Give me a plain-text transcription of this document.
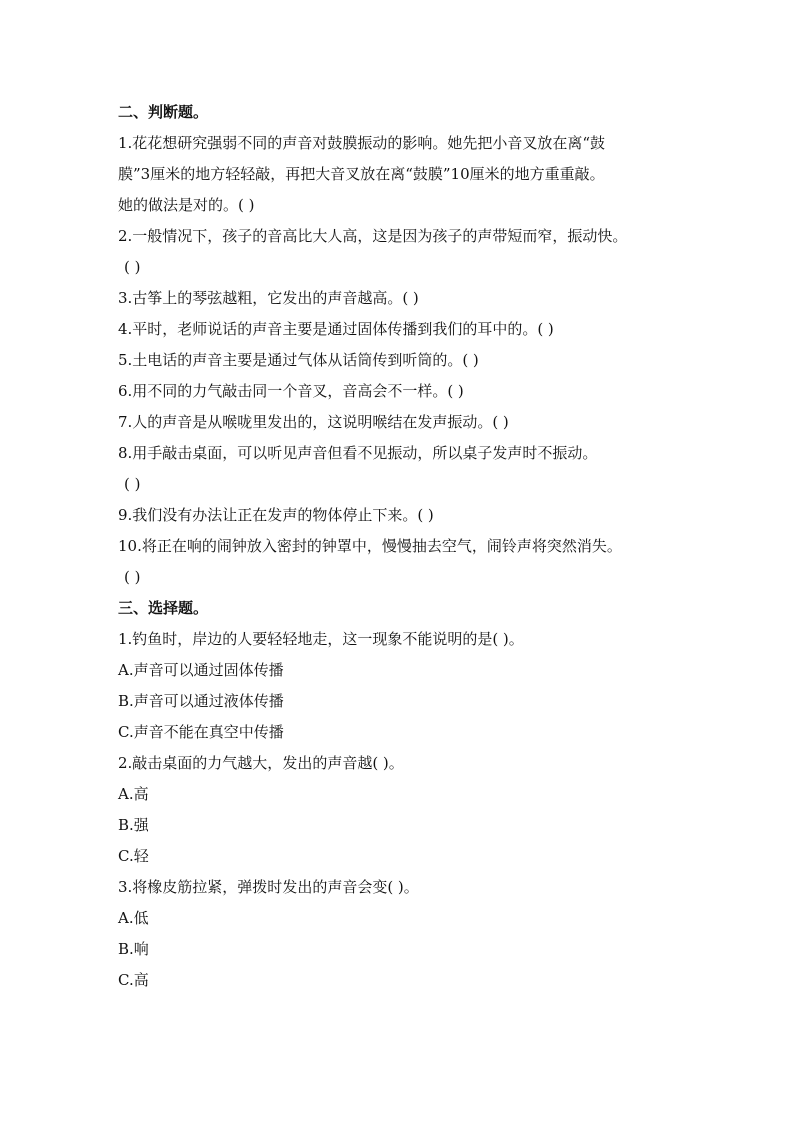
二、判断题。
1.花花想研究强弱不同的声音对鼓膜振动的影响。她先把小音叉放在离“鼓
膜”3厘米的地方轻轻敲，再把大音叉放在离“鼓膜”10厘米的地方重重敲。
她的做法是对的。( )
2.一般情况下，孩子的音高比大人高，这是因为孩子的声带短而窄，振动快。
( )
3.古筝上的琴弦越粗，它发出的声音越高。( )
4.平时，老师说话的声音主要是通过固体传播到我们的耳中的。( )
5.土电话的声音主要是通过气体从话筒传到听筒的。( )
6.用不同的力气敲击同一个音叉，音高会不一样。( )
7.人的声音是从喉咙里发出的，这说明喉结在发声振动。( )
8.用手敲击桌面，可以听见声音但看不见振动，所以桌子发声时不振动。
( )
9.我们没有办法让正在发声的物体停止下来。( )
10.将正在响的闹钟放入密封的钟罩中，慢慢抽去空气，闹铃声将突然消失。
( )
三、选择题。
1.钓鱼时，岸边的人要轻轻地走，这一现象不能说明的是( )。
A.声音可以通过固体传播
B.声音可以通过液体传播
C.声音不能在真空中传播
2.敲击桌面的力气越大，发出的声音越( )。
A.高
B.强
C.轻
3.将橡皮筋拉紧，弹拨时发出的声音会变( )。
A.低
B.响
C.高
